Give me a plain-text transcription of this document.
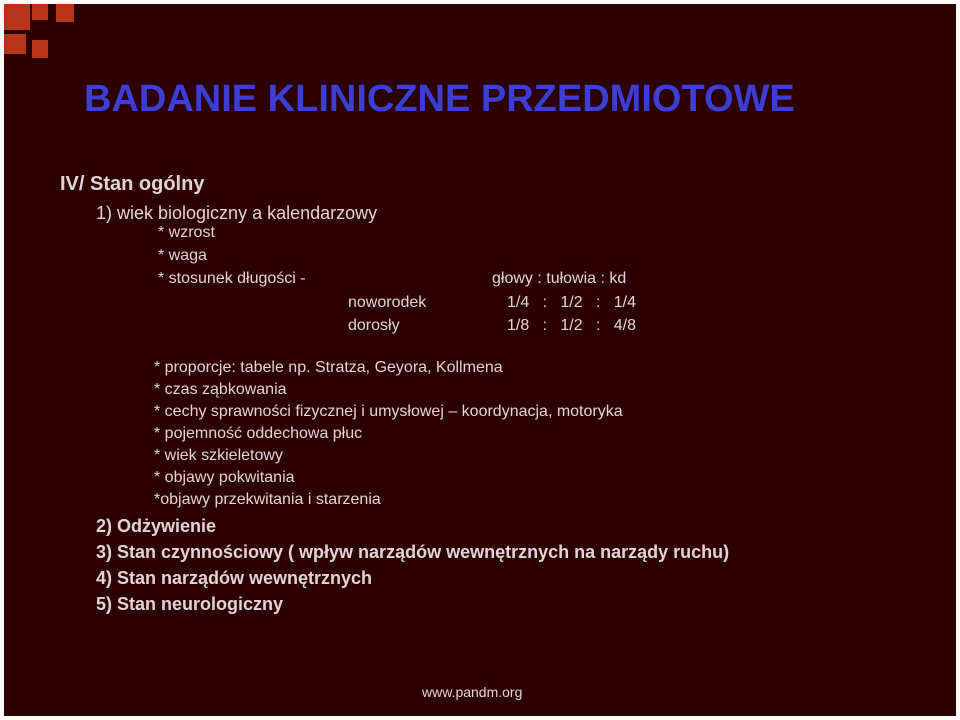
BADANIE KLINICZNE PRZEDMIOTOWE
IV/ Stan ogólny
1) wiek biologiczny a kalendarzowy
* wzrost
* waga
* stosunek długości -	głowy : tułowia : kd
noworodek	1/4   :   1/2   :   1/4
dorosły	1/8   :   1/2   :   4/8
* proporcje: tabele np. Stratza, Geyora, Kollmena
* czas ząbkowania
* cechy sprawności fizycznej i umysłowej – koordynacja, motoryka
* pojemność oddechowa płuc
* wiek szkieletowy
* objawy pokwitania
*objawy przekwitania i starzenia
2) Odżywienie
3) Stan czynnościowy ( wpływ narządów wewnętrznych na narządy ruchu)
4) Stan narządów wewnętrznych
5) Stan neurologiczny
www.pandm.org
